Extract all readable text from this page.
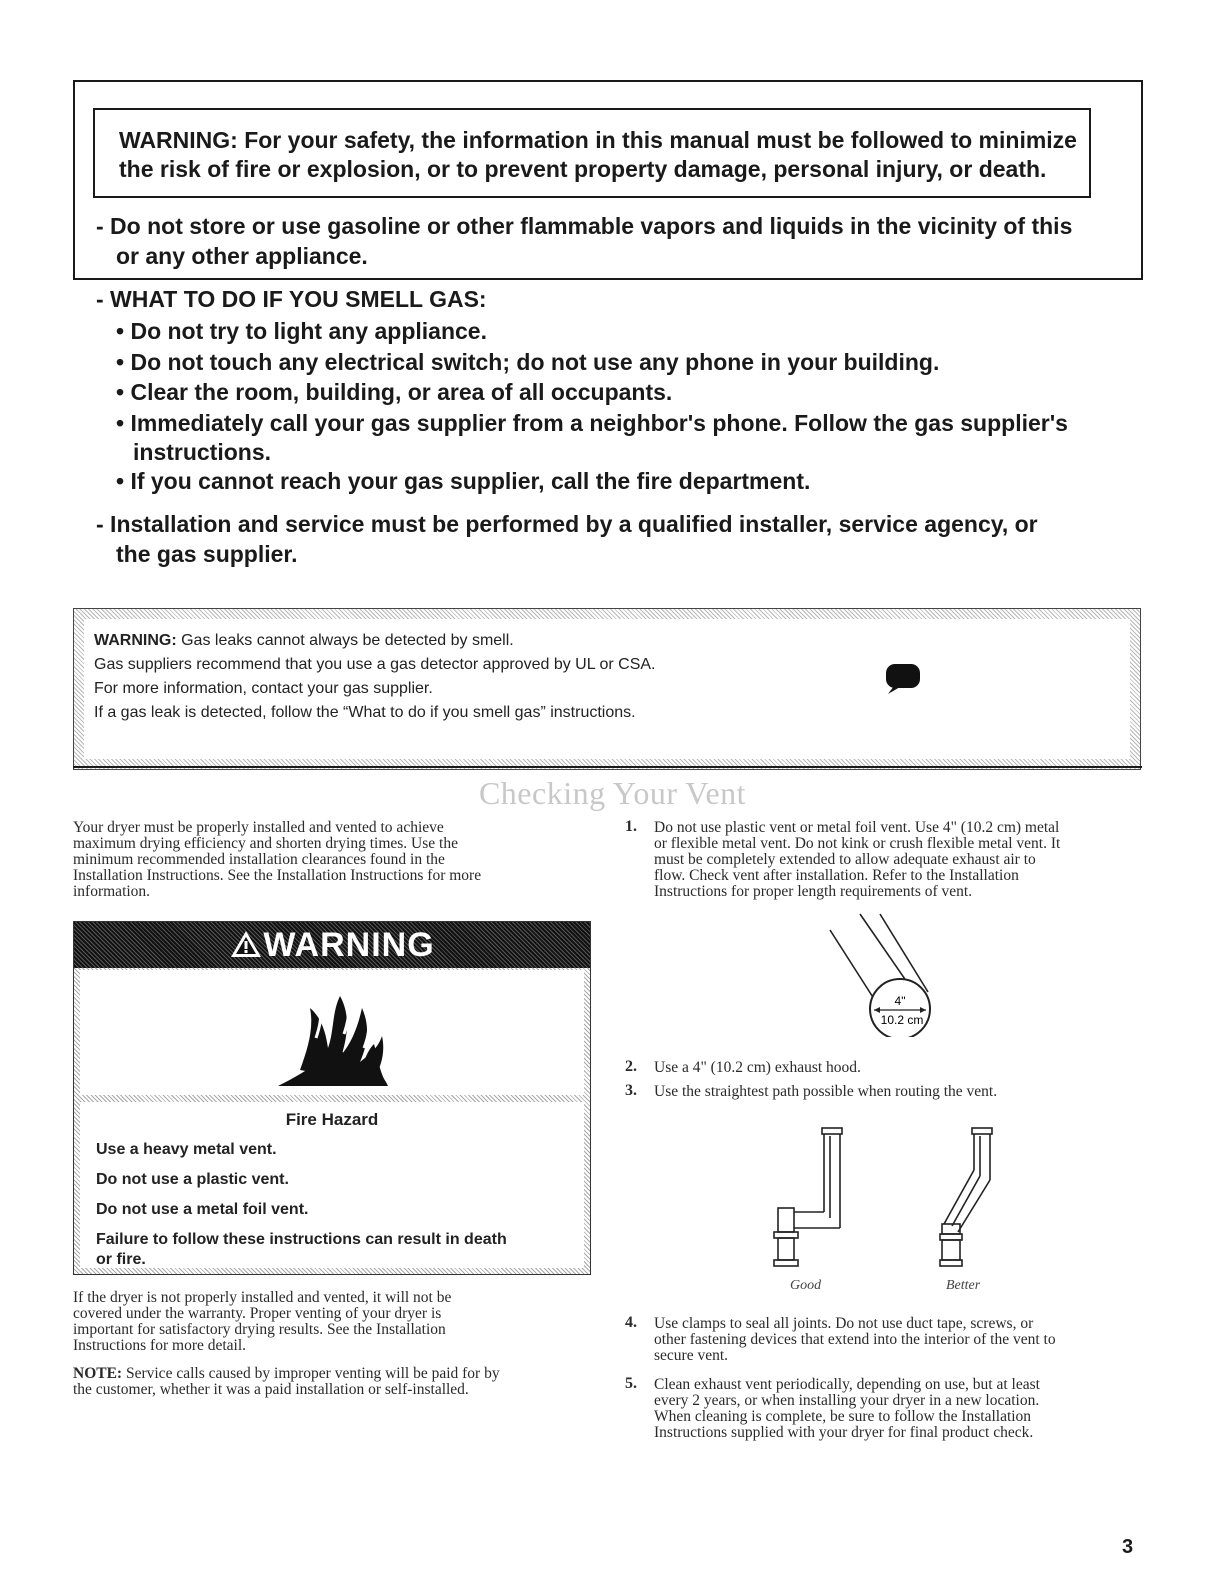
WARNING: For your safety, the information in this manual must be followed to minimize
the risk of fire or explosion, or to prevent property damage, personal injury, or death.
- Do not store or use gasoline or other flammable vapors and liquids in the vicinity of this
or any other appliance.
- WHAT TO DO IF YOU SMELL GAS:
• Do not try to light any appliance.
• Do not touch any electrical switch; do not use any phone in your building.
• Clear the room, building, or area of all occupants.
• Immediately call your gas supplier from a neighbor's phone. Follow the gas supplier's
instructions.
• If you cannot reach your gas supplier, call the fire department.
- Installation and service must be performed by a qualified installer, service agency, or
the gas supplier.
WARNING: Gas leaks cannot always be detected by smell.
Gas suppliers recommend that you use a gas detector approved by UL or CSA.
For more information, contact your gas supplier.
If a gas leak is detected, follow the “What to do if you smell gas” instructions.
Checking Your Vent
Your dryer must be properly installed and vented to achieve
maximum drying efficiency and shorten drying times. Use the
minimum recommended installation clearances found in the
Installation Instructions. See the Installation Instructions for more
information.
WARNING
Fire Hazard
Use a heavy metal vent.
Do not use a plastic vent.
Do not use a metal foil vent.
Failure to follow these instructions can result in death
or fire.
If the dryer is not properly installed and vented, it will not be
covered under the warranty. Proper venting of your dryer is
important for satisfactory drying results. See the Installation
Instructions for more detail.
NOTE: Service calls caused by improper venting will be paid for by
the customer, whether it was a paid installation or self-installed.
1. Do not use plastic vent or metal foil vent. Use 4" (10.2 cm) metal
or flexible metal vent. Do not kink or crush flexible metal vent. It
must be completely extended to allow adequate exhaust air to
flow. Check vent after installation. Refer to the Installation
Instructions for proper length requirements of vent.
4"
10.2 cm
2. Use a 4" (10.2 cm) exhaust hood.
3. Use the straightest path possible when routing the vent.
Good	Better
4. Use clamps to seal all joints. Do not use duct tape, screws, or
other fastening devices that extend into the interior of the vent to
secure vent.
5. Clean exhaust vent periodically, depending on use, but at least
every 2 years, or when installing your dryer in a new location.
When cleaning is complete, be sure to follow the Installation
Instructions supplied with your dryer for final product check.
3
